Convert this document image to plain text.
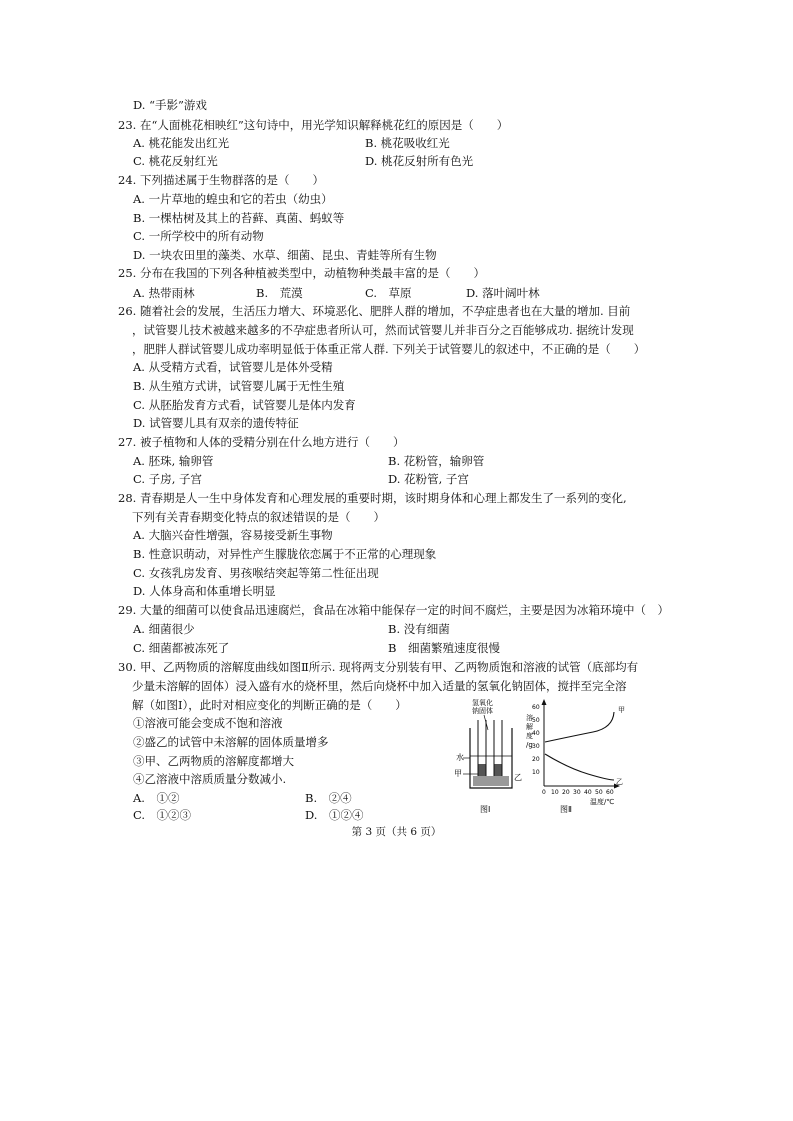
D. “手影”游戏
23. 在“人面桃花相映红”这句诗中，用光学知识解释桃花红的原因是（　　）
A. 桃花能发出红光	B. 桃花吸收红光
C. 桃花反射红光	D. 桃花反射所有色光
24. 下列描述属于生物群落的是（　　）
A. 一片草地的蝗虫和它的若虫（幼虫）
B. 一棵枯树及其上的苔藓、真菌、蚂蚁等
C. 一所学校中的所有动物
D. 一块农田里的藻类、水草、细菌、昆虫、青蛙等所有生物
25. 分布在我国的下列各种植被类型中，动植物种类最丰富的是（　　）
A. 热带雨林	B.　荒漠	C.　草原	D. 落叶阔叶林
26. 随着社会的发展，生活压力增大、环境恶化、肥胖人群的增加，不孕症患者也在大量的增加. 目前
，试管婴儿技术被越来越多的不孕症患者所认可，然而试管婴儿并非百分之百能够成功. 据统计发现
，肥胖人群试管婴儿成功率明显低于体重正常人群. 下列关于试管婴儿的叙述中，不正确的是（　　）
A. 从受精方式看，试管婴儿是体外受精
B. 从生殖方式讲，试管婴儿属于无性生殖
C. 从胚胎发育方式看，试管婴儿是体内发育
D. 试管婴儿具有双亲的遗传特征
27. 被子植物和人体的受精分别在什么地方进行（　　）
A. 胚珠, 输卵管	B. 花粉管，输卵管
C. 子房, 子宫	D. 花粉管, 子宫
28. 青春期是人一生中身体发育和心理发展的重要时期，该时期身体和心理上都发生了一系列的变化,
下列有关青春期变化特点的叙述错误的是（　　）
A. 大脑兴奋性增强，容易接受新生事物
B. 性意识萌动，对异性产生朦胧依恋属于不正常的心理现象
C. 女孩乳房发育、男孩喉结突起等第二性征出现
D. 人体身高和体重增长明显
29. 大量的细菌可以使食品迅速腐烂，食品在冰箱中能保存一定的时间不腐烂，主要是因为冰箱环境中（　）
A. 细菌很少	B. 没有细菌
C. 细菌都被冻死了	B　细菌繁殖速度很慢
30. 甲、乙两物质的溶解度曲线如图Ⅱ所示. 现将两支分别装有甲、乙两物质饱和溶液的试管（底部均有
少量未溶解的固体）浸入盛有水的烧杯里，然后向烧杯中加入适量的氢氧化钠固体，搅拌至完全溶
解（如图Ⅰ），此时对相应变化的判断正确的是（　　）
①溶液可能会变成不饱和溶液
②盛乙的试管中未溶解的固体质量增多
③甲、乙两物质的溶解度都增大
④乙溶液中溶质质量分数减小.
A.　①②	B.　②④
C.　①②③	D.　①②④
氢氧化
钠固体
水
甲	乙
图Ⅰ
溶
解
度
/g
60
50
40
30
20
10
0 10 20 30 40 50 60
甲
乙
温度/℃
图Ⅱ
第 3 页（共 6 页）
